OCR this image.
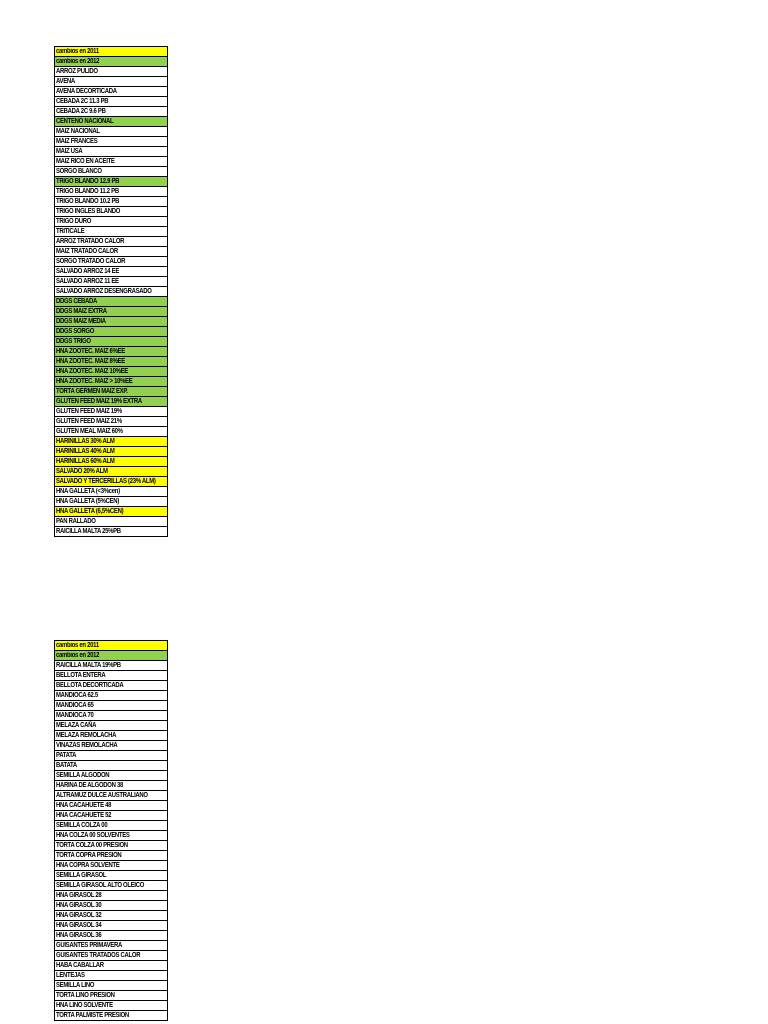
cambios en 2011
cambios en 2012
ARROZ PULIDO
AVENA
AVENA DECORTICADA
CEBADA 2C 11.3 PB
CEBADA 2C 9.6 PB
CENTENO NACIONAL
MAIZ NACIONAL
MAIZ FRANCES
MAIZ USA
MAIZ RICO EN ACEITE
SORGO BLANCO
TRIGO BLANDO 12.9 PB
TRIGO BLANDO 11.2 PB
TRIGO BLANDO 10.2 PB
TRIGO INGLES BLANDO
TRIGO DURO
TRITICALE
ARROZ TRATADO CALOR
MAIZ TRATADO CALOR
SORGO TRATADO CALOR
SALVADO ARROZ 14 EE
SALVADO ARROZ 11 EE
SALVADO ARROZ DESENGRASADO
DDGS CEBADA
DDGS MAIZ EXTRA
DDGS MAIZ MEDIA
DDGS SORGO
DDGS TRIGO
HNA ZOOTEC. MAIZ 6%EE
HNA ZOOTEC. MAIZ 8%EE
HNA ZOOTEC. MAIZ 10%EE
HNA ZOOTEC. MAIZ > 10%EE
TORTA GERMEN MAIZ EXP.
GLUTEN FEED MAIZ 19% EXTRA
GLUTEN FEED MAIZ 19%
GLUTEN FEED MAIZ 21%
GLUTEN MEAL MAIZ 60%
HARINILLAS 30% ALM
HARINILLAS 40% ALM
HARINILLAS 60% ALM
SALVADO 20% ALM
SALVADO Y TERCERILLAS (23% ALM)
HNA GALLETA (<3%cen)
HNA GALLETA (5%CEN)
HNA GALLETA (6,5%CEN)
PAN RALLADO
RAICILLA MALTA 25%PB
cambios en 2011
cambios en 2012
RAICILLA MALTA 19%PB
BELLOTA ENTERA
BELLOTA DECORTICADA
MANDIOCA 62.5
MANDIOCA 65
MANDIOCA 70
MELAZA CAÑA
MELAZA REMOLACHA
VINAZAS REMOLACHA
PATATA
BATATA
SEMILLA ALGODON
HARINA DE ALGODON 38
ALTRAMUZ DULCE AUSTRALIANO
HNA CACAHUETE 48
HNA CACAHUETE 52
SEMILLA COLZA 00
HNA COLZA 00 SOLVENTES
TORTA COLZA 00 PRESION
TORTA COPRA PRESION
HNA COPRA SOLVENTE
SEMILLA GIRASOL
SEMILLA GIRASOL ALTO OLEICO
HNA GIRASOL 28
HNA GIRASOL 30
HNA GIRASOL 32
HNA GIRASOL 34
HNA GIRASOL 36
GUISANTES PRIMAVERA
GUISANTES TRATADOS CALOR
HABA CABALLAR
LENTEJAS
SEMILLA LINO
TORTA LINO PRESION
HNA LINO SOLVENTE
TORTA PALMISTE PRESION
